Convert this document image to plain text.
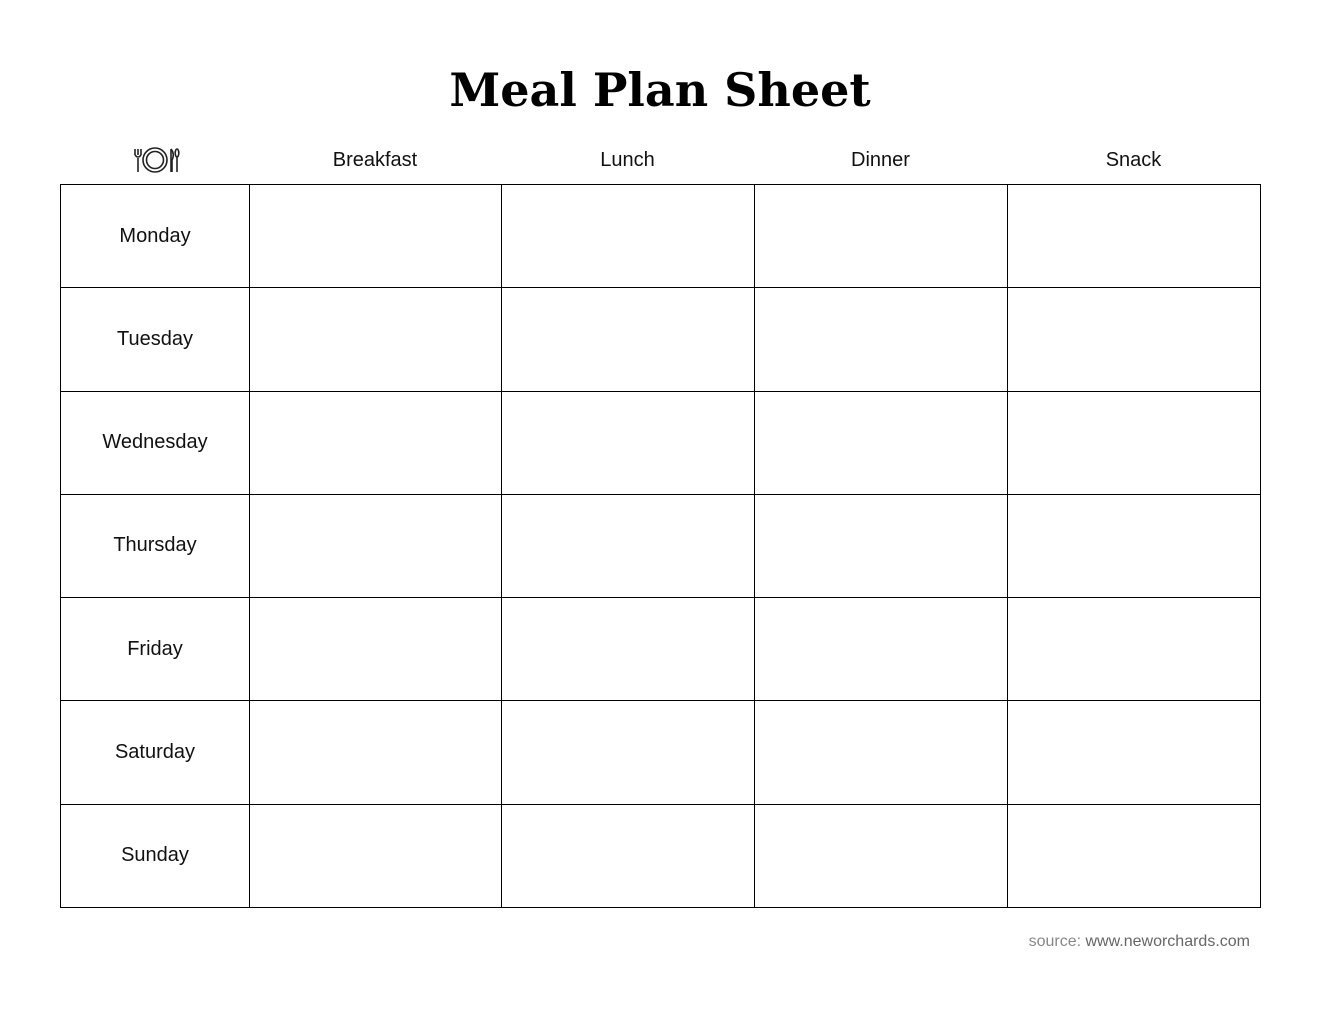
Meal Plan Sheet
Breakfast	Lunch	Dinner	Snack
Monday				
Tuesday				
Wednesday				
Thursday				
Friday				
Saturday				
Sunday				
source: www.neworchards.com
